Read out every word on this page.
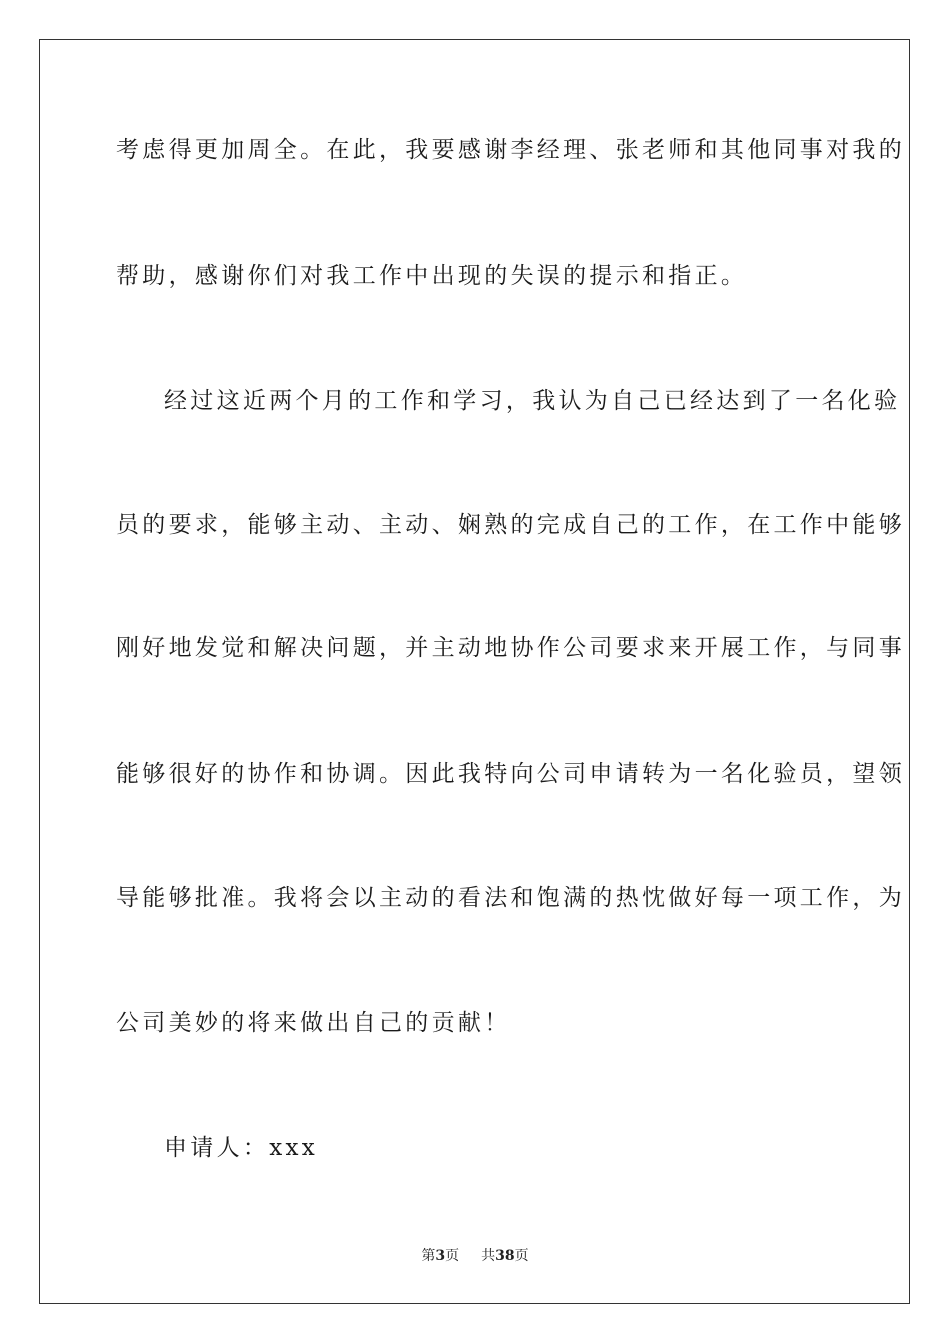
考虑得更加周全。在此，我要感谢李经理、张老师和其他同事对我的
帮助，感谢你们对我工作中出现的失误的提示和指正。
经过这近两个月的工作和学习，我认为自己已经达到了一名化验
员的要求，能够主动、主动、娴熟的完成自己的工作，在工作中能够
刚好地发觉和解决问题，并主动地协作公司要求来开展工作，与同事
能够很好的协作和协调。因此我特向公司申请转为一名化验员，望领
导能够批准。我将会以主动的看法和饱满的热忱做好每一项工作，为
公司美妙的将来做出自己的贡献！
申请人：xxx
第3页 共38页
